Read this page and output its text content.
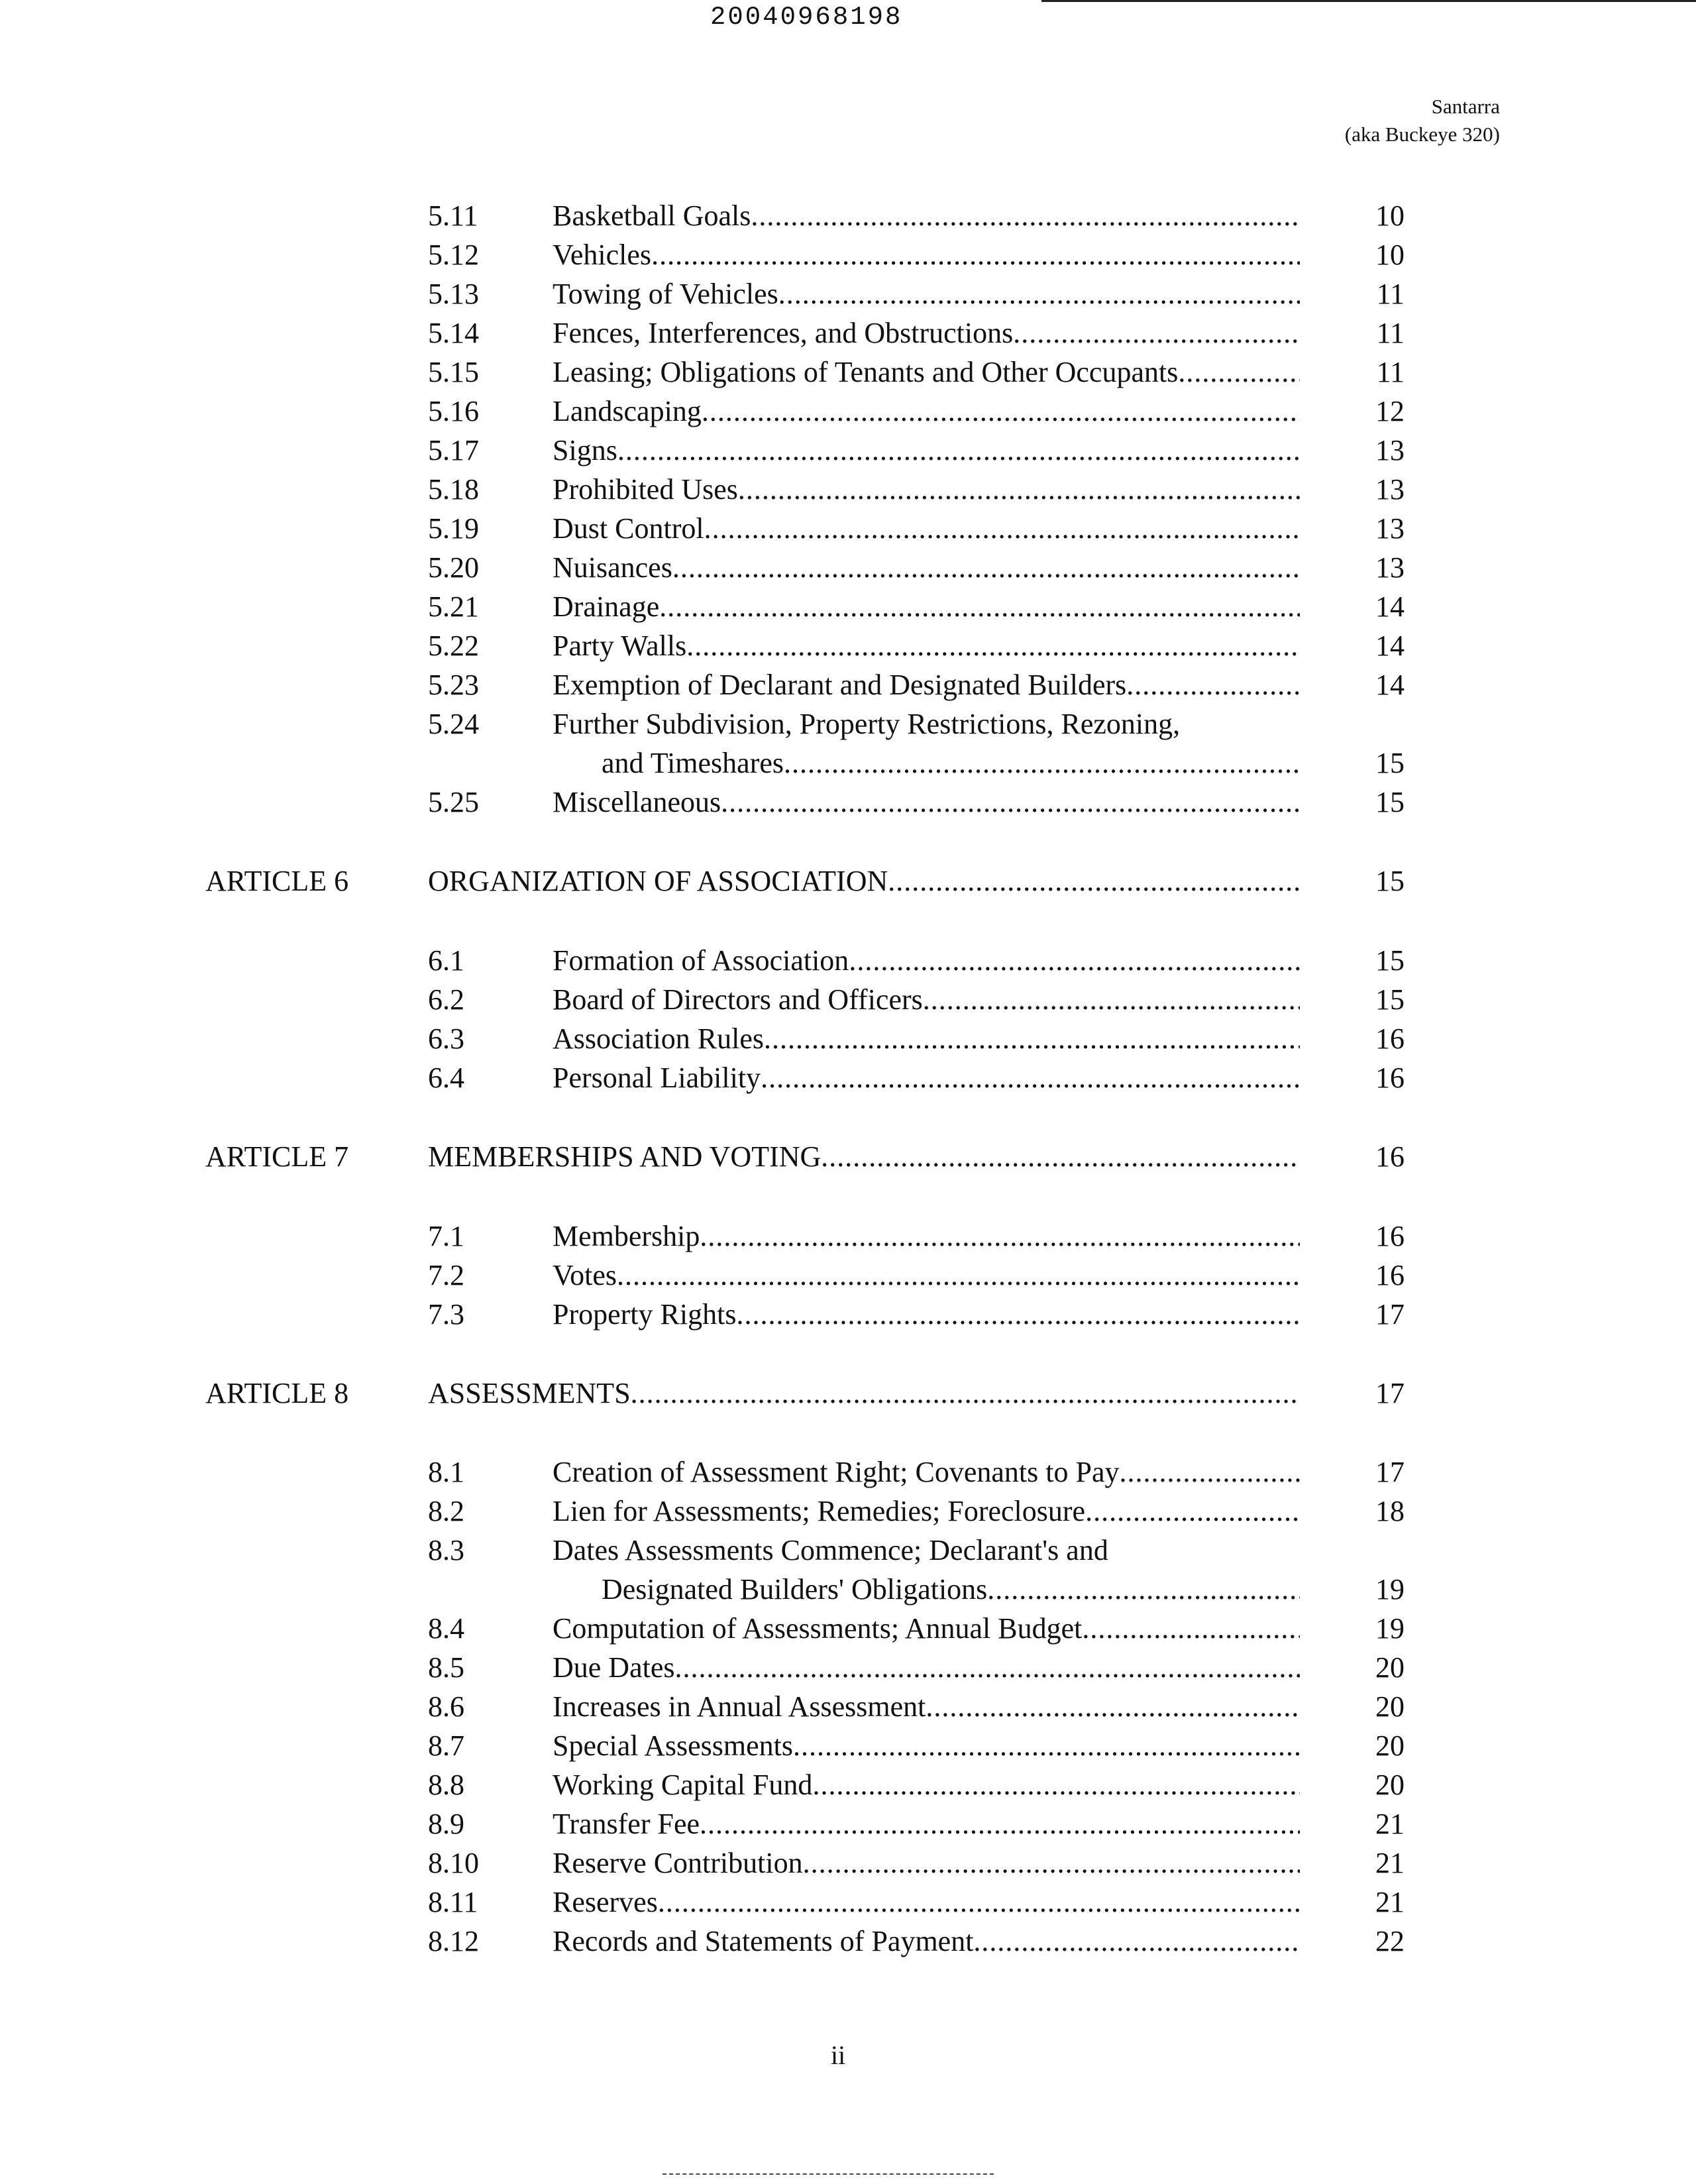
20040968198
Santarra
(aka Buckeye 320)
5.11	Basketball Goals .....	10
5.12	Vehicles .....	10
5.13	Towing of Vehicles .....	11
5.14	Fences, Interferences, and Obstructions .....	11
5.15	Leasing; Obligations of Tenants and Other Occupants .....	11
5.16	Landscaping .....	12
5.17	Signs .....	13
5.18	Prohibited Uses .....	13
5.19	Dust Control .....	13
5.20	Nuisances .....	13
5.21	Drainage .....	14
5.22	Party Walls .....	14
5.23	Exemption of Declarant and Designated Builders .....	14
5.24	Further Subdivision, Property Restrictions, Rezoning,
and Timeshares .....	15
5.25	Miscellaneous .....	15
ARTICLE 6	ORGANIZATION OF ASSOCIATION .....	15
6.1	Formation of Association .....	15
6.2	Board of Directors and Officers .....	15
6.3	Association Rules .....	16
6.4	Personal Liability .....	16
ARTICLE 7	MEMBERSHIPS AND VOTING .....	16
7.1	Membership .....	16
7.2	Votes .....	16
7.3	Property Rights .....	17
ARTICLE 8	ASSESSMENTS .....	17
8.1	Creation of Assessment Right; Covenants to Pay .....	17
8.2	Lien for Assessments; Remedies; Foreclosure .....	18
8.3	Dates Assessments Commence; Declarant's and
Designated Builders' Obligations .....	19
8.4	Computation of Assessments; Annual Budget .....	19
8.5	Due Dates .....	20
8.6	Increases in Annual Assessment .....	20
8.7	Special Assessments .....	20
8.8	Working Capital Fund .....	20
8.9	Transfer Fee .....	21
8.10	Reserve Contribution .....	21
8.11	Reserves .....	21
8.12	Records and Statements of Payment .....	22
ii
